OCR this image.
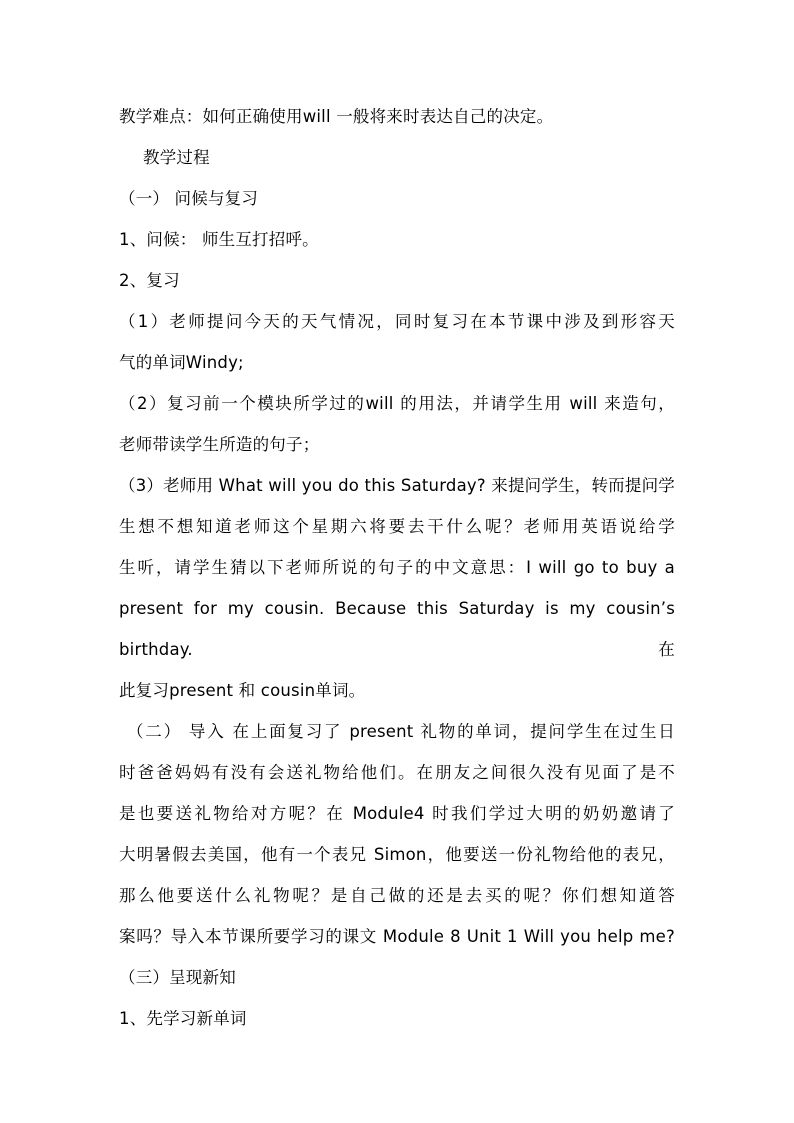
教学难点：如何正确使用will 一般将来时表达自己的决定。

教学过程

（一） 问候与复习

1、问候： 师生互打招呼。

2、复习

（1）老师提问今天的天气情况，同时复习在本节课中涉及到形容天

气的单词Windy;

（2）复习前一个模块所学过的will 的用法，并请学生用 will 来造句，

老师带读学生所造的句子；

（3）老师用 What will you do this Saturday? 来提问学生，转而提问学

生想不想知道老师这个星期六将要去干什么呢？老师用英语说给学

生听，请学生猜以下老师所说的句子的中文意思：I will go to buy a

present for my cousin. Because this Saturday is my cousin’s birthday.在

此复习present 和 cousin单词。

（二） 导入 在上面复习了 present 礼物的单词，提问学生在过生日

时爸爸妈妈有没有会送礼物给他们。在朋友之间很久没有见面了是不

是也要送礼物给对方呢？在 Module4 时我们学过大明的奶奶邀请了

大明暑假去美国，他有一个表兄 Simon，他要送一份礼物给他的表兄，

那么他要送什么礼物呢？是自己做的还是去买的呢？你们想知道答

案吗？导入本节课所要学习的课文 Module 8 Unit 1 Will you help me?

（三）呈现新知

1、先学习新单词
